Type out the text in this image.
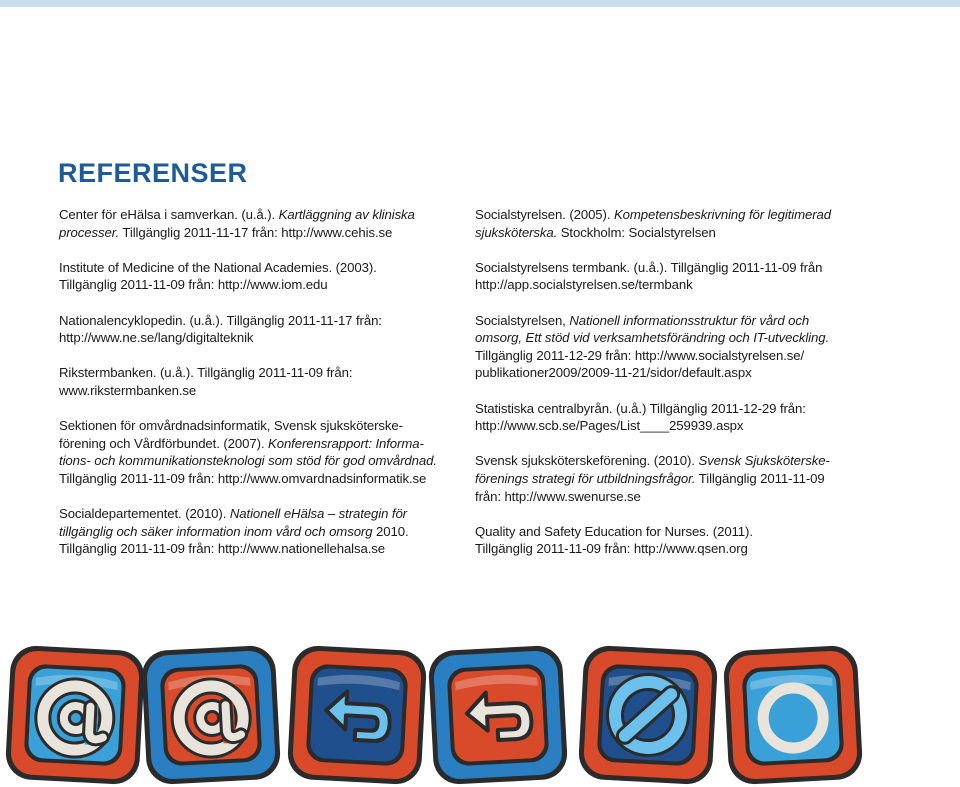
REFERENSER

Center för eHälsa i samverkan. (u.å.). Kartläggning av kliniska
processer. Tillgänglig 2011-11-17 från: http://www.cehis.se

Institute of Medicine of the National Academies. (2003).
Tillgänglig 2011-11-09 från: http://www.iom.edu

Nationalencyklopedin. (u.å.). Tillgänglig 2011-11-17 från:
http://www.ne.se/lang/digitalteknik

Rikstermbanken. (u.å.). Tillgänglig 2011-11-09 från:
www.rikstermbanken.se

Sektionen för omvårdnadsinformatik, Svensk sjuksköterske-
förening och Vårdförbundet. (2007). Konferensrapport: Informa-
tions- och kommunikationsteknologi som stöd för god omvårdnad.
Tillgänglig 2011-11-09 från: http://www.omvardnadsinformatik.se

Socialdepartementet. (2010). Nationell eHälsa – strategin för
tillgänglig och säker information inom vård och omsorg 2010.
Tillgänglig 2011-11-09 från: http://www.nationellehalsa.se

Socialstyrelsen. (2005). Kompetensbeskrivning för legitimerad
sjuksköterska. Stockholm: Socialstyrelsen

Socialstyrelsens termbank. (u.å.). Tillgänglig 2011-11-09 från
http://app.socialstyrelsen.se/termbank

Socialstyrelsen, Nationell informationsstruktur för vård och
omsorg, Ett stöd vid verksamhetsförändring och IT-utveckling.
Tillgänglig 2011-12-29 från: http://www.socialstyrelsen.se/
publikationer2009/2009-11-21/sidor/default.aspx

Statistiska centralbyrån. (u.å.) Tillgänglig 2011-12-29 från:
http://www.scb.se/Pages/List____259939.aspx

Svensk sjuksköterskeförening. (2010). Svensk Sjuksköterske-
förenings strategi för utbildningsfrågor. Tillgänglig 2011-11-09
från: http://www.swenurse.se

Quality and Safety Education for Nurses. (2011).
Tillgänglig 2011-11-09 från: http://www.qsen.org
